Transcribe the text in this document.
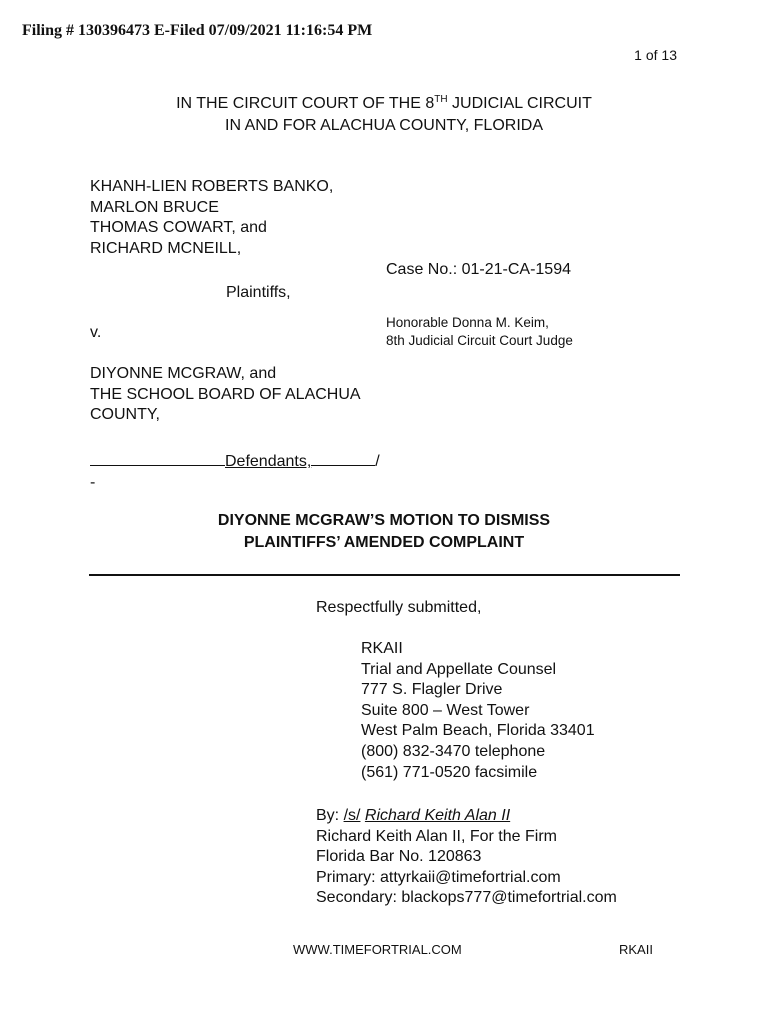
Filing # 130396473 E-Filed 07/09/2021 11:16:54 PM
1 of 13
IN THE CIRCUIT COURT OF THE 8TH JUDICIAL CIRCUIT
IN AND FOR ALACHUA COUNTY, FLORIDA
KHANH-LIEN ROBERTS BANKO,
MARLON BRUCE
THOMAS COWART, and
RICHARD MCNEILL,
Case No.: 01-21-CA-1594
Plaintiffs,
v.
Honorable Donna M. Keim,
8th Judicial Circuit Court Judge
DIYONNE MCGRAW, and
THE SCHOOL BOARD OF ALACHUA
COUNTY,
Defendants,	/
-
DIYONNE MCGRAW’S MOTION TO DISMISS
PLAINTIFFS’ AMENDED COMPLAINT
Respectfully submitted,
RKAII
Trial and Appellate Counsel
777 S. Flagler Drive
Suite 800 – West Tower
West Palm Beach, Florida 33401
(800) 832-3470 telephone
(561) 771-0520 facsimile
By: /s/ Richard Keith Alan II
Richard Keith Alan II, For the Firm
Florida Bar No. 120863
Primary: attyrkaii@timefortrial.com
Secondary: blackops777@timefortrial.com
WWW.TIMEFORTRIAL.COM	RKAII
